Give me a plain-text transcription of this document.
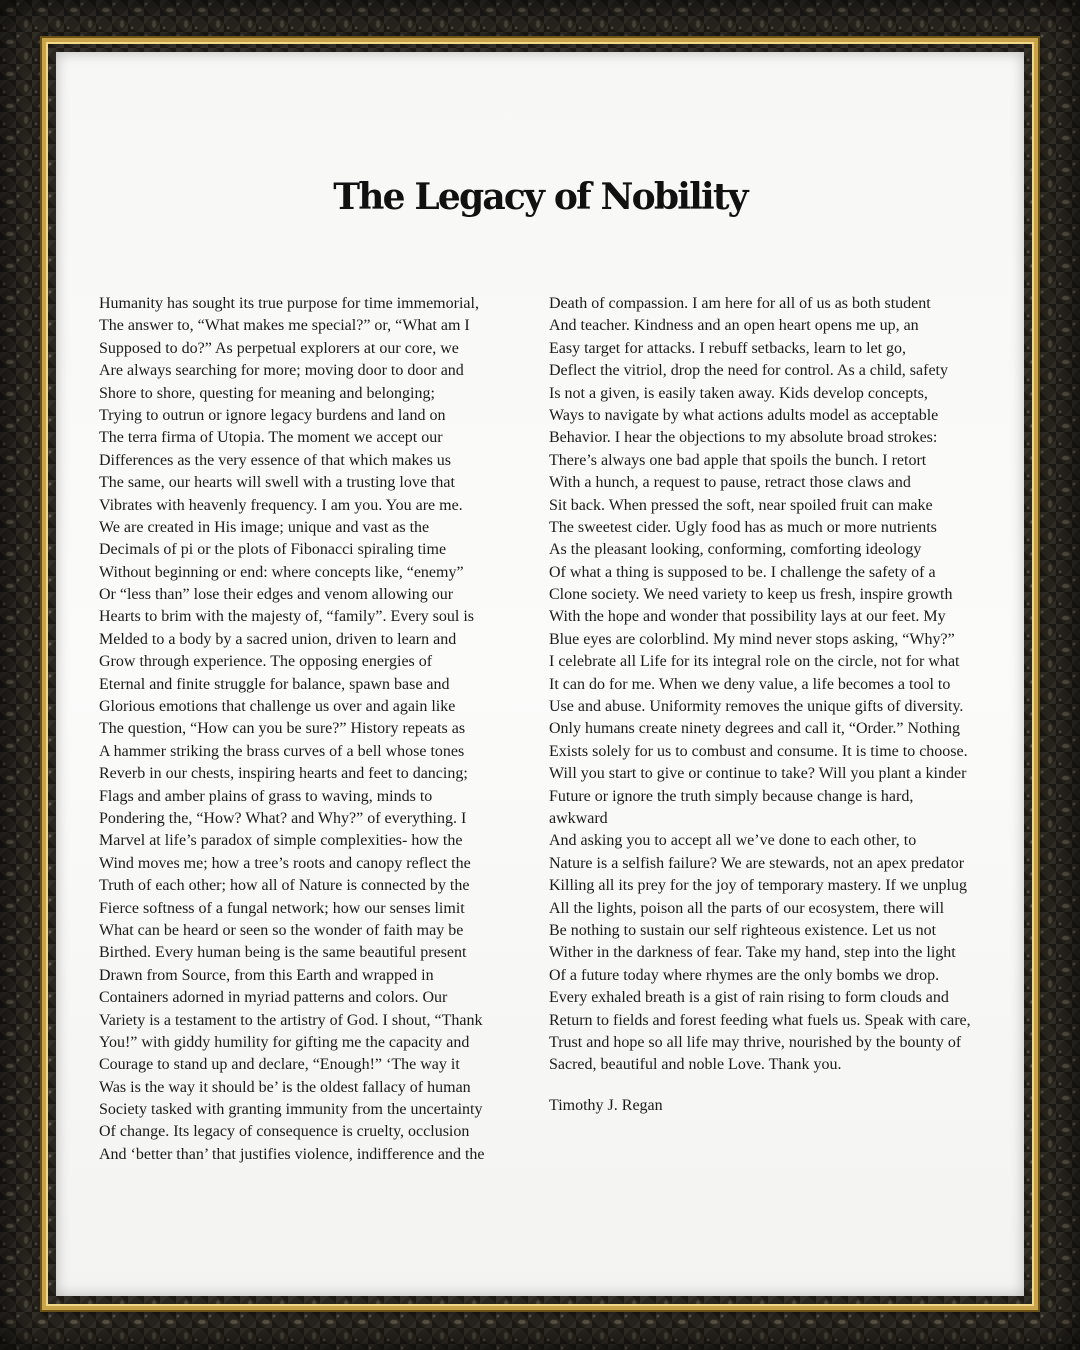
The Legacy of Nobility
Humanity has sought its true purpose for time immemorial,
The answer to, “What makes me special?” or, “What am I
Supposed to do?” As perpetual explorers at our core, we
Are always searching for more; moving door to door and
Shore to shore, questing for meaning and belonging;
Trying to outrun or ignore legacy burdens and land on
The terra firma of Utopia. The moment we accept our
Differences as the very essence of that which makes us
The same, our hearts will swell with a trusting love that
Vibrates with heavenly frequency. I am you. You are me.
We are created in His image; unique and vast as the
Decimals of pi or the plots of Fibonacci spiraling time
Without beginning or end: where concepts like, “enemy”
Or “less than” lose their edges and venom allowing our
Hearts to brim with the majesty of, “family”. Every soul is
Melded to a body by a sacred union, driven to learn and
Grow through experience. The opposing energies of
Eternal and finite struggle for balance, spawn base and
Glorious emotions that challenge us over and again like
The question, “How can you be sure?” History repeats as
A hammer striking the brass curves of a bell whose tones
Reverb in our chests, inspiring hearts and feet to dancing;
Flags and amber plains of grass to waving, minds to
Pondering the, “How? What? and Why?” of everything. I
Marvel at life’s paradox of simple complexities- how the
Wind moves me; how a tree’s roots and canopy reflect the
Truth of each other; how all of Nature is connected by the
Fierce softness of a fungal network; how our senses limit
What can be heard or seen so the wonder of faith may be
Birthed. Every human being is the same beautiful present
Drawn from Source, from this Earth and wrapped in
Containers adorned in myriad patterns and colors. Our
Variety is a testament to the artistry of God. I shout, “Thank
You!” with giddy humility for gifting me the capacity and
Courage to stand up and declare, “Enough!” ‘The way it
Was is the way it should be’ is the oldest fallacy of human
Society tasked with granting immunity from the uncertainty
Of change. Its legacy of consequence is cruelty, occlusion
And ‘better than’ that justifies violence, indifference and the
Death of compassion. I am here for all of us as both student
And teacher. Kindness and an open heart opens me up, an
Easy target for attacks. I rebuff setbacks, learn to let go,
Deflect the vitriol, drop the need for control. As a child, safety
Is not a given, is easily taken away. Kids develop concepts,
Ways to navigate by what actions adults model as acceptable
Behavior. I hear the objections to my absolute broad strokes:
There’s always one bad apple that spoils the bunch. I retort
With a hunch, a request to pause, retract those claws and
Sit back. When pressed the soft, near spoiled fruit can make
The sweetest cider. Ugly food has as much or more nutrients
As the pleasant looking, conforming, comforting ideology
Of what a thing is supposed to be. I challenge the safety of a
Clone society. We need variety to keep us fresh, inspire growth
With the hope and wonder that possibility lays at our feet. My
Blue eyes are colorblind. My mind never stops asking, “Why?”
I celebrate all Life for its integral role on the circle, not for what
It can do for me. When we deny value, a life becomes a tool to
Use and abuse. Uniformity removes the unique gifts of diversity.
Only humans create ninety degrees and call it, “Order.” Nothing
Exists solely for us to combust and consume. It is time to choose.
Will you start to give or continue to take? Will you plant a kinder
Future or ignore the truth simply because change is hard,
awkward
And asking you to accept all we’ve done to each other, to
Nature is a selfish failure? We are stewards, not an apex predator
Killing all its prey for the joy of temporary mastery. If we unplug
All the lights, poison all the parts of our ecosystem, there will
Be nothing to sustain our self righteous existence. Let us not
Wither in the darkness of fear. Take my hand, step into the light
Of a future today where rhymes are the only bombs we drop.
Every exhaled breath is a gist of rain rising to form clouds and
Return to fields and forest feeding what fuels us. Speak with care,
Trust and hope so all life may thrive, nourished by the bounty of
Sacred, beautiful and noble Love. Thank you.
Timothy J. Regan
